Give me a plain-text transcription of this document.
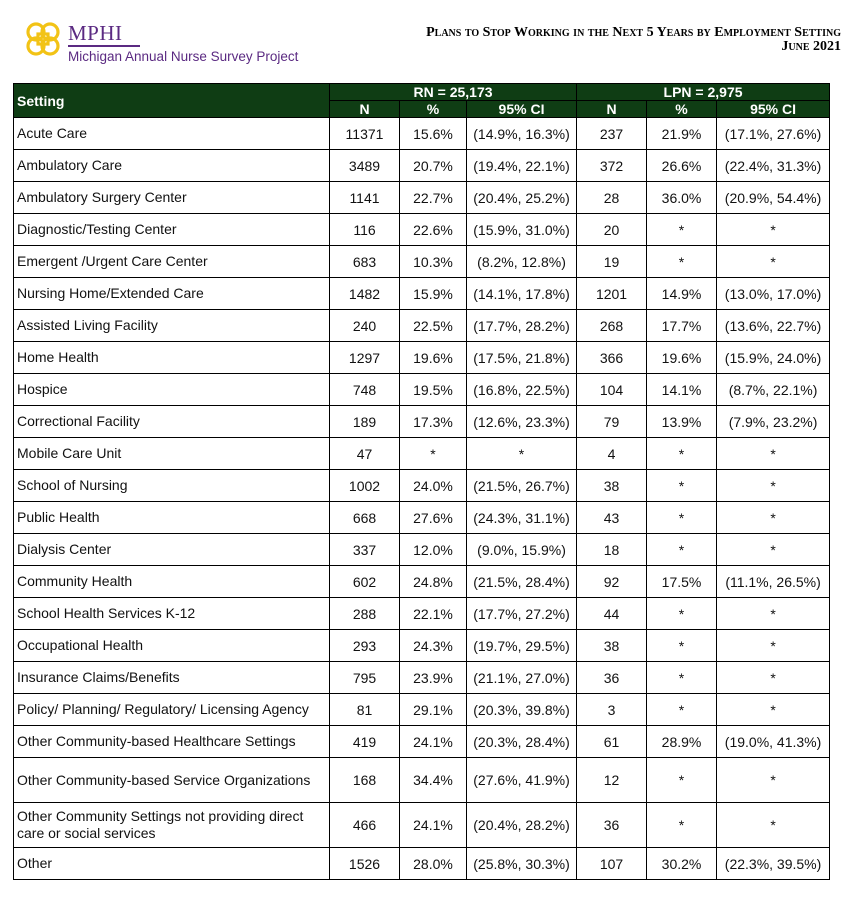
MPHI
Michigan Annual Nurse Survey Project
Plans to Stop Working in the Next 5 Years by Employment Setting
June 2021
Setting	RN = 25,173			LPN = 2,975		
	N	%	95% CI	N	%	95% CI
Acute Care	11371	15.6%	(14.9%, 16.3%)	237	21.9%	(17.1%, 27.6%)
Ambulatory Care	3489	20.7%	(19.4%, 22.1%)	372	26.6%	(22.4%, 31.3%)
Ambulatory Surgery Center	1141	22.7%	(20.4%, 25.2%)	28	36.0%	(20.9%, 54.4%)
Diagnostic/Testing Center	116	22.6%	(15.9%, 31.0%)	20	*	*
Emergent /Urgent Care Center	683	10.3%	(8.2%, 12.8%)	19	*	*
Nursing Home/Extended Care	1482	15.9%	(14.1%, 17.8%)	1201	14.9%	(13.0%, 17.0%)
Assisted Living Facility	240	22.5%	(17.7%, 28.2%)	268	17.7%	(13.6%, 22.7%)
Home Health	1297	19.6%	(17.5%, 21.8%)	366	19.6%	(15.9%, 24.0%)
Hospice	748	19.5%	(16.8%, 22.5%)	104	14.1%	(8.7%, 22.1%)
Correctional Facility	189	17.3%	(12.6%, 23.3%)	79	13.9%	(7.9%, 23.2%)
Mobile Care Unit	47	*	*	4	*	*
School of Nursing	1002	24.0%	(21.5%, 26.7%)	38	*	*
Public Health	668	27.6%	(24.3%, 31.1%)	43	*	*
Dialysis Center	337	12.0%	(9.0%, 15.9%)	18	*	*
Community Health	602	24.8%	(21.5%, 28.4%)	92	17.5%	(11.1%, 26.5%)
School Health Services K-12	288	22.1%	(17.7%, 27.2%)	44	*	*
Occupational Health	293	24.3%	(19.7%, 29.5%)	38	*	*
Insurance Claims/Benefits	795	23.9%	(21.1%, 27.0%)	36	*	*
Policy/ Planning/ Regulatory/ Licensing Agency	81	29.1%	(20.3%, 39.8%)	3	*	*
Other Community-based Healthcare Settings	419	24.1%	(20.3%, 28.4%)	61	28.9%	(19.0%, 41.3%)
Other Community-based Service Organizations	168	34.4%	(27.6%, 41.9%)	12	*	*
Other Community Settings not providing direct care or social services	466	24.1%	(20.4%, 28.2%)	36	*	*
Other	1526	28.0%	(25.8%, 30.3%)	107	30.2%	(22.3%, 39.5%)
